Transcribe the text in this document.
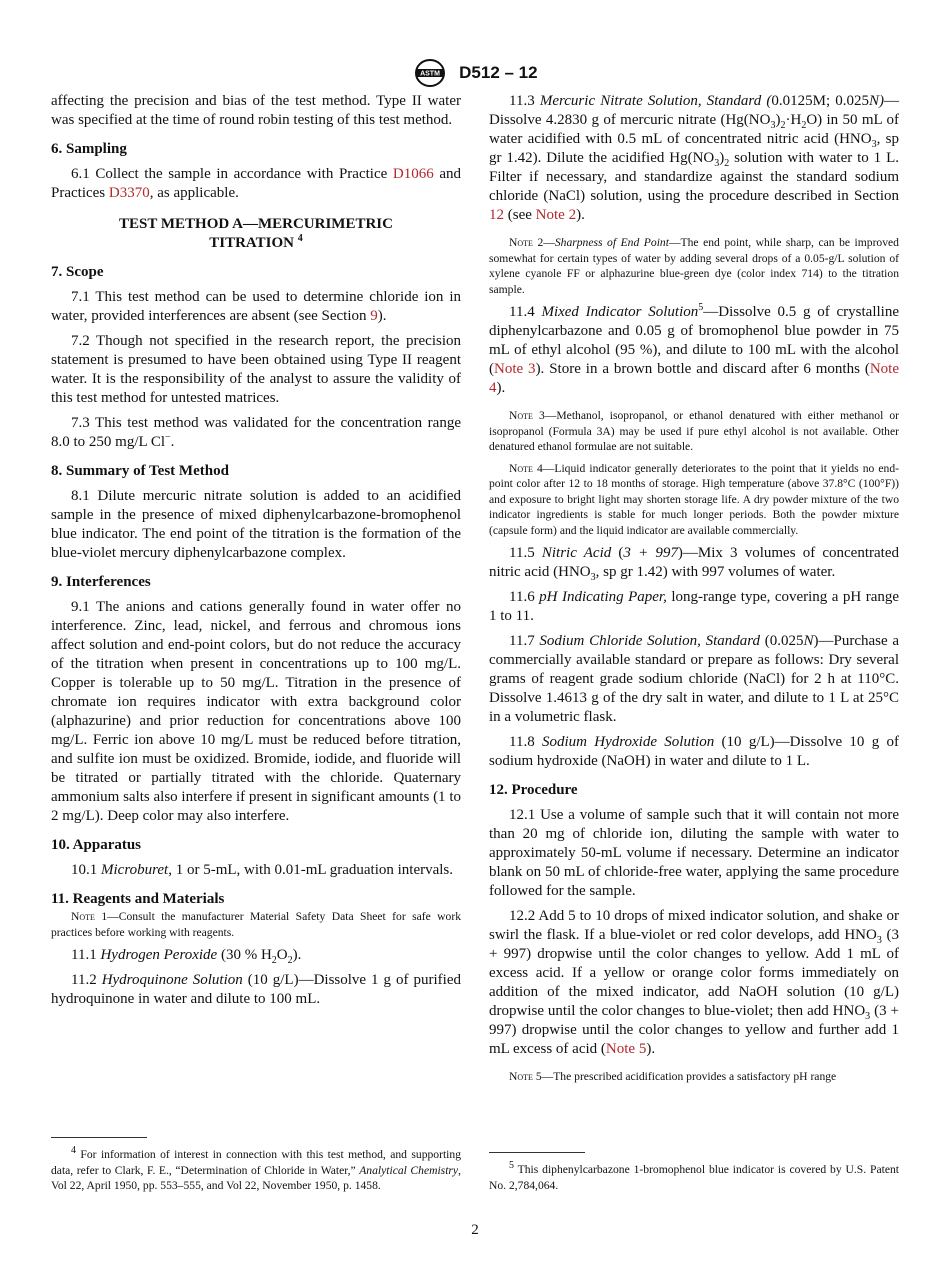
ASTM D512 – 12

affecting the precision and bias of the test method. Type II water was specified at the time of round robin testing of this test method.

6. Sampling

6.1 Collect the sample in accordance with Practice D1066 and Practices D3370, as applicable.

TEST METHOD A—MERCURIMETRIC
TITRATION $^4$
7. Scope

7.1 This test method can be used to determine chloride ion in water, provided interferences are absent (see Section 9).

7.2 Though not specified in the research report, the precision statement is presumed to have been obtained using Type II reagent water. It is the responsibility of the analyst to assure the validity of this test method for untested matrices.

7.3 This test method was validated for the concentration range 8.0 to 250 mg/L Cl−.

8. Summary of Test Method

8.1 Dilute mercuric nitrate solution is added to an acidified sample in the presence of mixed diphenylcarbazone-bromophenol blue indicator. The end point of the titration is the formation of the blue-violet mercury diphenylcarbazone complex.

9. Interferences

9.1 The anions and cations generally found in water offer no interference. Zinc, lead, nickel, and ferrous and chromous ions affect solution and end-point colors, but do not reduce the accuracy of the titration when present in concentrations up to 100 mg/L. Copper is tolerable up to 50 mg/L. Titration in the presence of chromate ion requires indicator with extra background color (alphazurine) and prior reduction for concentrations above 100 mg/L. Ferric ion above 10 mg/L must be reduced before titration, and sulfite ion must be oxidized. Bromide, iodide, and fluoride will be titrated or partially titrated with the chloride. Quaternary ammonium salts also interfere if present in significant amounts (1 to 2 mg/L). Deep color may also interfere.

10. Apparatus

10.1 Microburet, 1 or 5-mL, with 0.01-mL graduation intervals.

11. Reagents and Materials

Note 1—Consult the manufacturer Material Safety Data Sheet for safe work practices before working with reagents.

11.1 Hydrogen Peroxide (30 % $H_2O_2$).

11.2 Hydroquinone Solution (10 g/L)—Dissolve 1 g of purified hydroquinone in water and dilute to 100 mL.

$^4$ For information of interest in connection with this test method, and supporting data, refer to Clark, F. E., “Determination of Chloride in Water,” Analytical Chemistry, Vol 22, April 1950, pp. 553–555, and Vol 22, November 1950, p. 1458.

11.3 Mercuric Nitrate Solution, Standard (0.0125M; 0.025N)—Dissolve 4.2830 g of mercuric nitrate $(Hg(NO_3)_2\cdot H_2O)$ in 50 mL of water acidified with 0.5 mL of concentrated nitric acid ($HNO_3$, sp gr 1.42). Dilute the acidified $Hg(NO_3)_2$ solution with water to 1 L. Filter if necessary, and standardize against the standard sodium chloride (NaCl) solution, using the procedure described in Section 12 (see Note 2).

Note 2—Sharpness of End Point—The end point, while sharp, can be improved somewhat for certain types of water by adding several drops of a 0.05-g/L solution of xylene cyanole FF or alphazurine blue-green dye (color index 714) to the titration sample.

11.4 Mixed Indicator Solution$^5$—Dissolve 0.5 g of crystalline diphenylcarbazone and 0.05 g of bromophenol blue powder in 75 mL of ethyl alcohol (95 %), and dilute to 100 mL with the alcohol (Note 3). Store in a brown bottle and discard after 6 months (Note 4).

Note 3—Methanol, isopropanol, or ethanol denatured with either methanol or isopropanol (Formula 3A) may be used if pure ethyl alcohol is not available. Other denatured ethanol formulae are not suitable.

Note 4—Liquid indicator generally deteriorates to the point that it yields no end-point color after 12 to 18 months of storage. High temperature (above 37.8°C (100°F)) and exposure to bright light may shorten storage life. A dry powder mixture of the two indicator ingredients is stable for much longer periods. Both the powder mixture (capsule form) and the liquid indicator are available commercially.

11.5 Nitric Acid (3 + 997)—Mix 3 volumes of concentrated nitric acid ($HNO_3$, sp gr 1.42) with 997 volumes of water.

11.6 pH Indicating Paper, long-range type, covering a pH range 1 to 11.

11.7 Sodium Chloride Solution, Standard (0.025N)—Purchase a commercially available standard or prepare as follows: Dry several grams of reagent grade sodium chloride (NaCl) for 2 h at 110°C. Dissolve 1.4613 g of the dry salt in water, and dilute to 1 L at 25°C in a volumetric flask.

11.8 Sodium Hydroxide Solution (10 g/L)—Dissolve 10 g of sodium hydroxide (NaOH) in water and dilute to 1 L.

12. Procedure

12.1 Use a volume of sample such that it will contain not more than 20 mg of chloride ion, diluting the sample with water to approximately 50-mL volume if necessary. Determine an indicator blank on 50 mL of chloride-free water, applying the same procedure followed for the sample.

12.2 Add 5 to 10 drops of mixed indicator solution, and shake or swirl the flask. If a blue-violet or red color develops, add $HNO_3$ (3 + 997) dropwise until the color changes to yellow. Add 1 mL of excess acid. If a yellow or orange color forms immediately on addition of the mixed indicator, add NaOH solution (10 g/L) dropwise until the color changes to blue-violet; then add $HNO_3$ (3 + 997) dropwise until the color changes to yellow and further add 1 mL excess of acid (Note 5).

Note 5—The prescribed acidification provides a satisfactory pH range

$^5$ This diphenylcarbazone 1-bromophenol blue indicator is covered by U.S. Patent No. 2,784,064.

2
